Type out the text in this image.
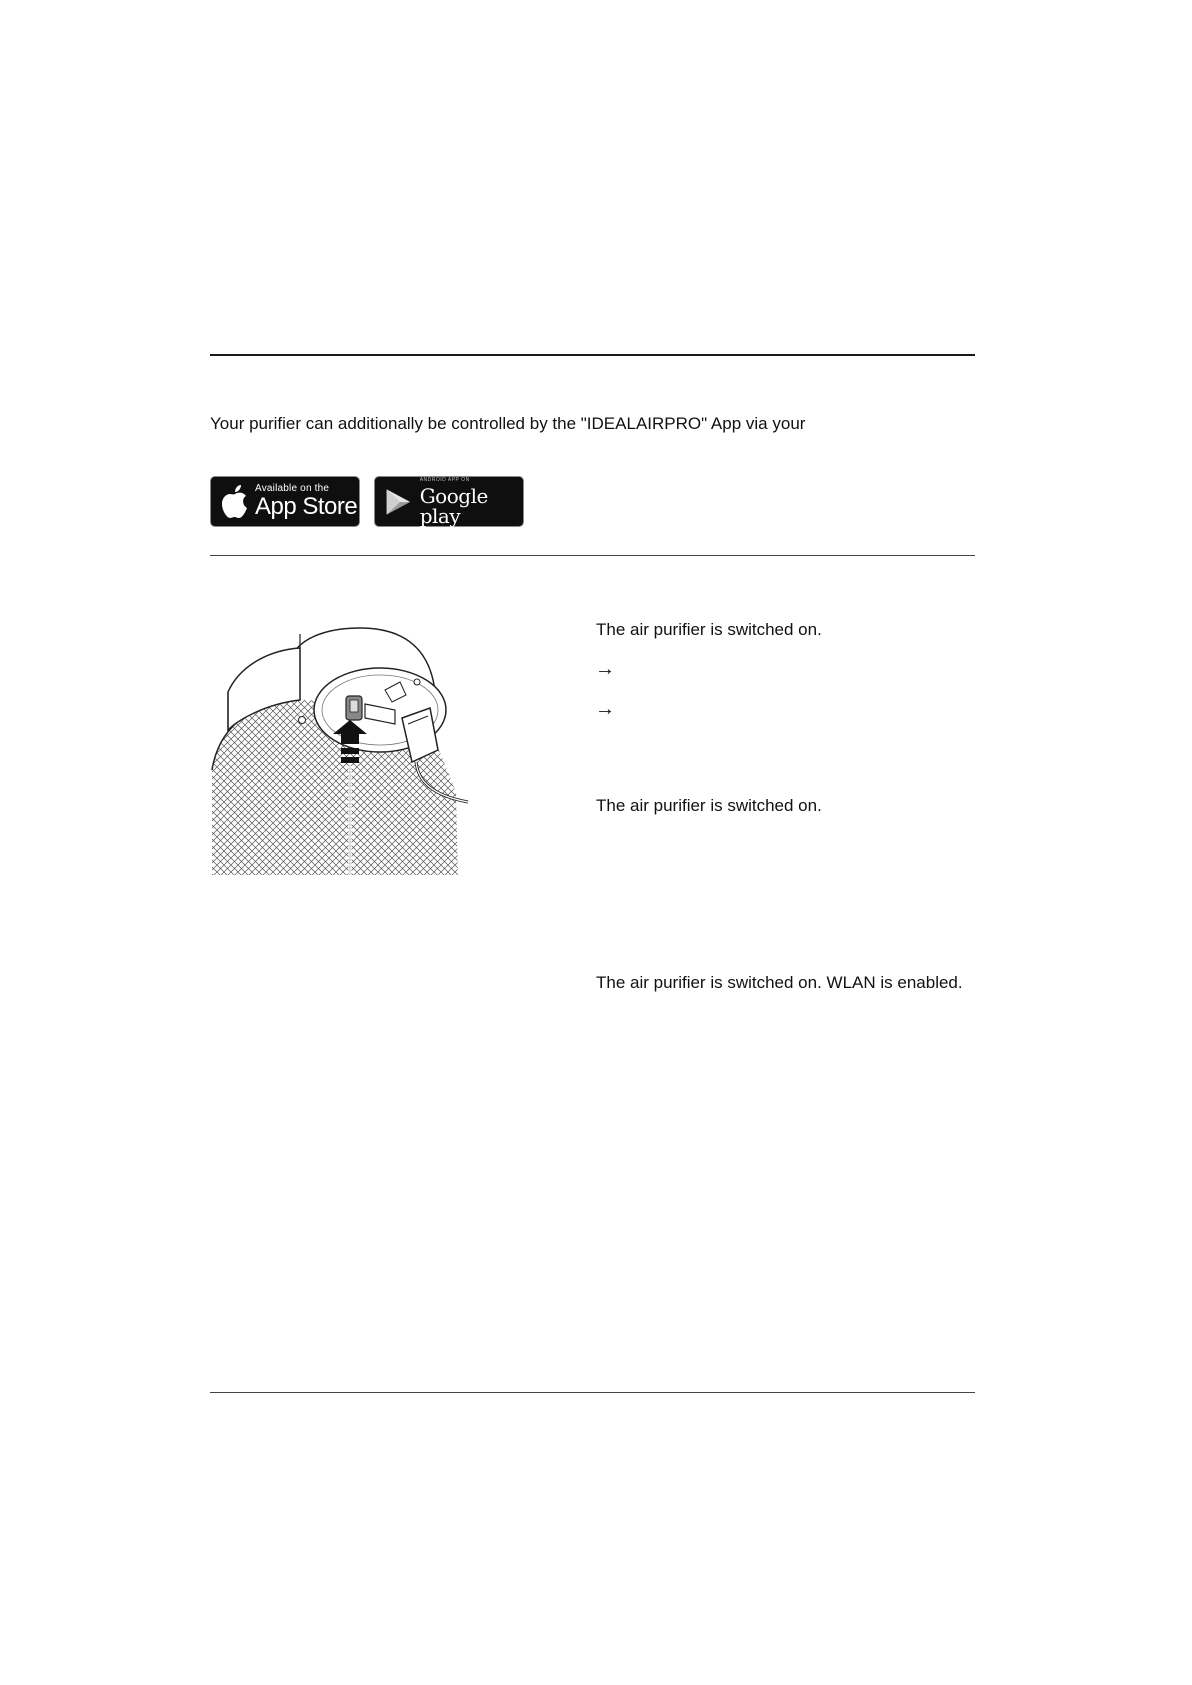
Your purifier can additionally be controlled by the "IDEALAIRPRO" App via your
Available on the
App Store
ANDROID APP ON
Google play
The air purifier is switched on.
→
→
The air purifier is switched on.
The air purifier is switched on. WLAN is enabled.
